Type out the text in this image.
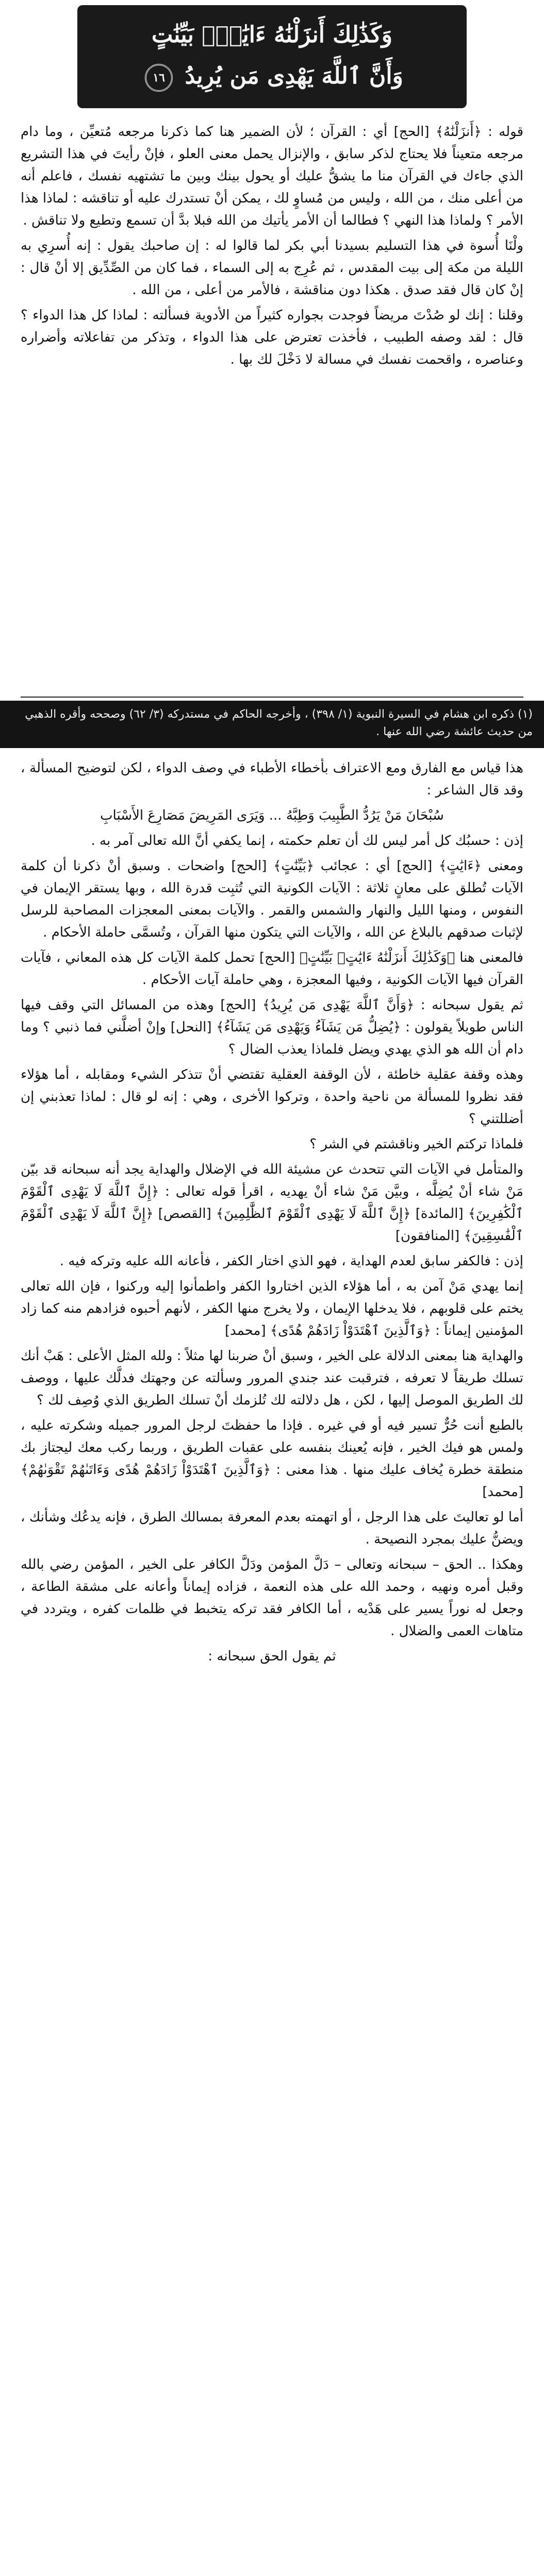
وَكَذَٰلِكَ أَنزَلْنَٰهُ ءَايَٰتٍۭ بَيِّنَٰتٍ
وَأَنَّ ٱللَّهَ يَهْدِى مَن يُرِيدُ ١٦

قوله : ﴿أَنزَلْنَٰهُ﴾ [الحج] أي : القرآن ؛ لأن الضمير هنا كما ذكرنا مرجعه مُتعيِّن ، وما دام مرجعه متعيناً فلا يحتاج لذكر سابق ، والإنزال يحمل معنى العلو ، فإنْ رأيتَ في هذا التشريع الذي جاءك في القرآن منا ما يشقُّ عليك أو يحول بينك وبين ما تشتهيه نفسك ، فاعلم أنه من أعلى منك ، من الله ، وليس من مُساوٍ لك ، يمكن أنْ تستدرك عليه أو تناقشه : لماذا هذا الأمر ؟ ولماذا هذا النهي ؟ فطالما أن الأمر يأتيك من الله فبلا بدَّ أن تسمع وتطيع ولا تناقش .

ولْنَا أُسوة في هذا التسليم بسيدنا أبي بكر لما قالوا له : إن صاحبك يقول : إنه أُسرِي به الليلة من مكة إلى بيت المقدس ، ثم عُرِج به إلى السماء ، فما كان من الصِّدِّيق إلا أنْ قال : إنْ كان قال فقد صدق . هكذا دون مناقشة ، فالأمر من أعلى ، من الله .

وقلنا : إنك لو صُدْتَ مريضاً فوجدت بجواره كثيراً من الأدوية فسألته : لماذا كل هذا الدواء ؟ قال : لقد وصفه الطبيب ، فأخذت تعترض على هذا الدواء ، وتذكر من تفاعلاته وأضراره وعناصره ، واقحمت نفسك في مسالة لا دَخْلَ لك بها .

(١) ذكره ابن هشام في السيرة النبوية (١/ ٣٩٨) ، وأخرجه الحاكم في مستدركه (٣/ ٦٢) وصححه وأقره الذهبي من حديث عائشة رضي الله عنها .

هذا قياس مع الفارق ومع الاعتراف بأخطاء الأطباء في وصف الدواء ، لكن لتوضيح المسألة ، وقد قال الشاعر :

سُبْحَانَ مَنْ يَرُدُّ الطَّبِيبَ وَطِبَّهُ ... وَيَرَى المَرِيضَ مَصَارِعَ الأَسْبَابِ

إذن : حسبُك كل أمر ليس لك أن تعلم حكمته ، إنما يكفي أنَّ الله تعالى آمر به .

ومعنى ﴿ءَايَٰتٍ﴾ [الحج] أي : عجائب ﴿بَيِّنَٰتٍ﴾ [الحج] واضحات . وسبق أنْ ذكرنا أن كلمة الآيات تُطلق على معانٍ ثلاثة : الآيات الكونية التي تُثبِت قدرة الله ، وبها يستقر الإيمان في النفوس ، ومنها الليل والنهار والشمس والقمر . والآيات بمعنى المعجزات المصاحبة للرسل لإثبات صدقهم بالبلاغ عن الله ، والآيات التي يتكون منها القرآن ، وتُسمَّى حاملة الأحكام .

فالمعنى هنا ﴿وَكَذَٰلِكَ أَنزَلْنَٰهُ ءَايَٰتٍۭ بَيِّنَٰتٍ﴾ [الحج] تحمل كلمة الآيات كل هذه المعاني ، فآيات القرآن فيها الآيات الكونية ، وفيها المعجزة ، وهي حاملة آيات الأحكام .

ثم يقول سبحانه : ﴿وَأَنَّ ٱللَّهَ يَهْدِى مَن يُرِيدُ﴾ [الحج] وهذه من المسائل التي وقف فيها الناس طويلاً يقولون : ﴿يُضِلُّ مَن يَشَآءُ وَيَهْدِى مَن يَشَآءُ﴾ [النحل] وإنْ أضلَّني فما ذنبي ؟ وما دام أن الله هو الذي يهدي ويضل فلماذا يعذب الضال ؟

وهذه وقفة عقلية خاطئة ، لأن الوقفة العقلية تقتضي أنْ تتذكر الشيء ومقابله ، أما هؤلاء فقد نظروا للمسألة من ناحية واحدة ، وتركوا الأخرى ، وهي : إنه لو قال : لماذا تعذبني إن أضللتني ؟

فلماذا تركتم الخير وناقشتم في الشر ؟

والمتأمل في الآيات التي تتحدث عن مشيئة الله في الإضلال والهداية يجد أنه سبحانه قد بيّن مَنْ شاء أنْ يُضِلَّه ، وبيَّن مَنْ شاء أنْ يهديه ، اقرأ قوله تعالى : ﴿إِنَّ ٱللَّهَ لَا يَهْدِى ٱلْقَوْمَ ٱلْكَٰفِرِينَ﴾ [المائدة] ﴿إِنَّ ٱللَّهَ لَا يَهْدِى ٱلْقَوْمَ ٱلظَّٰلِمِينَ﴾ [القصص] ﴿إِنَّ ٱللَّهَ لَا يَهْدِى ٱلْقَوْمَ ٱلْفَٰسِقِينَ﴾ [المنافقون]

إذن : فالكفر سابق لعدم الهداية ، فهو الذي اختار الكفر ، فأعانه الله عليه وتركه فيه .

إنما يهدي مَنْ آمن به ، أما هؤلاء الذين اختاروا الكفر واطمأنوا إليه وركنوا ، فإن الله تعالى يختم على قلوبهم ، فلا يدخلها الإيمان ، ولا يخرج منها الكفر ، لأنهم أحبوه فزادهم منه كما زاد المؤمنين إيماناً : ﴿وَٱلَّذِينَ ٱهْتَدَوْاْ زَادَهُمْ هُدًى﴾ [محمد]

والهداية هنا بمعنى الدلالة على الخير ، وسبق أنْ ضربنا لها مثلاً : ولله المثل الأعلى : هَبْ أنك تسلك طريقاً لا تعرفه ، فترقبت عند جندي المرور وسألته عن وجهتك فدلَّك عليها ، ووصف لك الطريق الموصل إليها ، لكن ، هل دلالته لك تُلزمك أنْ تسلك الطريق الذي وُصِف لك ؟

بالطبع أنت حُرٌّ تسير فيه أو في غيره . فإذا ما حفظتَ لرجل المرور جميله وشكرته عليه ، ولمس هو فيك الخير ، فإنه يُعينك بنفسه على عقبات الطريق ، وربما ركب معك ليجتاز بك منطقة خطرة يُخاف عليك منها . هذا معنى : ﴿وَٱلَّذِينَ ٱهْتَدَوْاْ زَادَهُمْ هُدًى وَءَاتَىٰهُمْ تَقْوَىٰهُمْ﴾ [محمد]

أما لو تعاليتَ على هذا الرجل ، أو اتهمته بعدم المعرفة بمسالك الطرق ، فإنه يدعُك وشأنك ، ويضنُّ عليك بمجرد النصيحة .

وهكذا .. الحق – سبحانه وتعالى – دَلَّ المؤمن ودَلَّ الكافر على الخير ، المؤمن رضي بالله وقبل أمره ونهيه ، وحمد الله على هذه النعمة ، فزاده إيماناً وأعانه على مشقة الطاعة ، وجعل له نوراً يسير على هَدْيه ، أما الكافر فقد تركه يتخبط في ظلمات كفره ، ويتردد في متاهات العمى والضلال .

ثم يقول الحق سبحانه :
